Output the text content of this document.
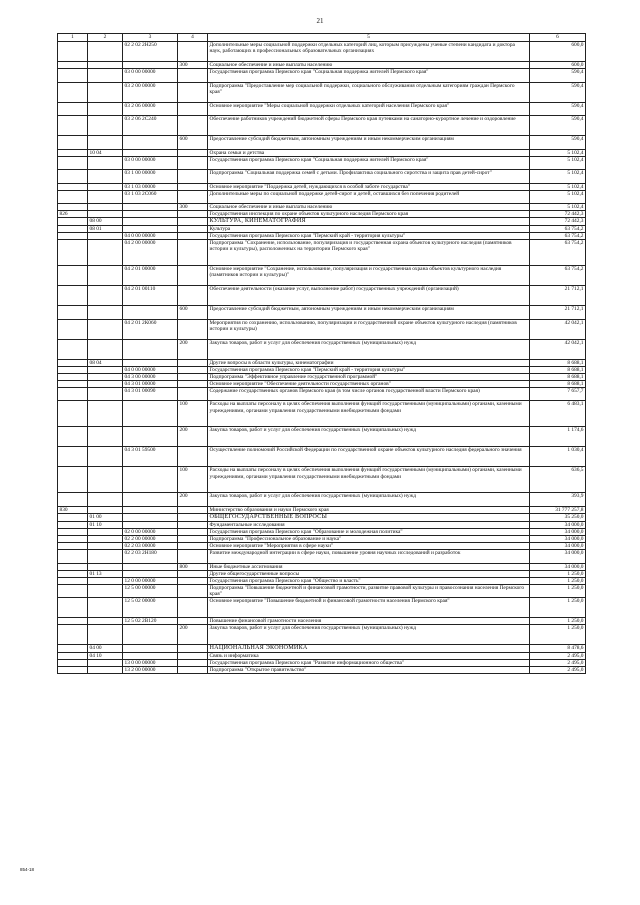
21
1	2	3	4	5	6
		02 2 02 2Н250		Дополнительные меры социальной поддержки отдельных категорий лиц, которым присуждены ученые степени кандидата и доктора наук, работающих в профессиональных образовательных организациях	600,0
			300	Социальное обеспечение и иные выплаты населению	600,0
		03 0 00 00000		Государственная программа Пермского края "Социальная поддержка жителей Пермского края"	590,4
		03 2 00 00000		Подпрограмма "Предоставление мер социальной поддержки, социального обслуживания отдельным категориям граждан Пермского края"	590,4
		03 2 06 00000		Основное мероприятие "Меры социальной поддержки отдельных категорий населения Пермского края"	590,4
		03 2 06 2С240		Обеспечение работников учреждений бюджетной сферы Пермского края путевками на санаторно-курортное лечение и оздоровление	590,4
			600	Предоставление субсидий бюджетным, автономным учреждениям и иным некоммерческим организациям	590,4
	10 04			Охрана семьи и детства	5 102,4
		03 0 00 00000		Государственная программа Пермского края "Социальная поддержка жителей Пермского края"	5 102,4
		03 1 00 00000		Подпрограмма "Социальная поддержка семей с детьми. Профилактика социального сиротства и защита прав детей-сирот"	5 102,4
		03 1 03 00000		Основное мероприятие "Поддержка детей, нуждающихся в особой заботе государства"	5 102,4
		03 1 03 2С060		Дополнительные меры по социальной поддержке детей-сирот и детей, оставшихся без попечения родителей	5 102,4
			300	Социальное обеспечение и иные выплаты населению	5 102,4
826				Государственная инспекция по охране объектов культурного наследия Пермского края	72 442,3
	08 00			КУЛЬТУРА, КИНЕМАТОГРАФИЯ	72 442,3
	08 01			Культура	63 754,2
		04 0 00 00000		Государственная программа Пермского края "Пермский край - территория культуры"	63 754,2
		04 2 00 00000		Подпрограмма "Сохранение, использование, популяризация и государственная охрана объектов культурного наследия (памятников истории и культуры), расположенных на территории Пермского края"	63 754,2
		04 2 01 00000		Основное мероприятие "Сохранение, использование, популяризация и государственная охрана объектов культурного наследия (памятников истории и культуры)"	63 754,2
		04 2 01 00110		Обеспечение деятельности (оказание услуг, выполнение работ) государственных учреждений (организаций)	21 712,1
			600	Предоставление субсидий бюджетным, автономным учреждениям и иным некоммерческим организациям	21 712,1
		04 2 01 2К060		Мероприятия по сохранению, использованию, популяризации и государственной охране объектов культурного наследия (памятников истории и культуры)	42 042,1
			200	Закупка товаров, работ и услуг для обеспечения государственных (муниципальных) нужд	42 042,1
	08 04			Другие вопросы в области культуры, кинематографии	8 688,1
		04 0 00 00000		Государственная программа Пермского края "Пермский край - территория культуры"	8 688,1
		04 3 00 00000		Подпрограмма "Эффективное управление государственной программой"	8 688,1
		04 3 01 00000		Основное мероприятие "Обеспечение деятельности государственных органов"	8 688,1
		04 3 01 00090		Содержание государственных органов Пермского края (в том числе органов государственной власти Пермского края)	7 657,7
			100	Расходы на выплаты персоналу в целях обеспечения выполнения функций государственными (муниципальными) органами, казенными учреждениями, органами управления государственными внебюджетными фондами	6 483,1
			200	Закупка товаров, работ и услуг для обеспечения государственных (муниципальных) нужд	1 174,6
		04 3 01 59500		Осуществление полномочий Российской Федерации по государственной охране объектов культурного наследия федерального значения	1 030,4
			100	Расходы на выплаты персоналу в целях обеспечения выполнения функций государственными (муниципальными) органами, казенными учреждениями, органами управления государственными внебюджетными фондами	636,5
			200	Закупка товаров, работ и услуг для обеспечения государственных (муниципальных) нужд	393,9
830				Министерство образования и науки Пермского края	31 777 257,8
	01 00			ОБЩЕГОСУДАРСТВЕННЫЕ ВОПРОСЫ	35 250,0
	01 10			Фундаментальные исследования	34 000,0
		02 0 00 00000		Государственная программа Пермского края "Образование и молодежная политика"	34 000,0
		02 2 00 00000		Подпрограмма "Профессиональное образование и наука"	34 000,0
		02 2 03 00000		Основное мероприятие "Мероприятия в сфере науки"	34 000,0
		02 2 03 2Н180		Развитие международной интеграции в сфере науки, повышение уровня научных исследований и разработок	34 000,0
			800	Иные бюджетные ассигнования	34 000,0
	01 13			Другие общегосударственные вопросы	1 250,0
		12 0 00 00000		Государственная программа Пермского края "Общество и власть"	1 250,0
		12 5 00 00000		Подпрограмма "Повышение бюджетной и финансовой грамотности, развитие правовой культуры и правосознания населения Пермского края"	1 250,0
		12 5 02 00000		Основное мероприятие "Повышение бюджетной и финансовой грамотности населения Пермского края"	1 250,0
		12 5 02 2В120		Повышение финансовой грамотности населения	1 250,0
			200	Закупка товаров, работ и услуг для обеспечения государственных (муниципальных) нужд	1 250,0
	04 00			НАЦИОНАЛЬНАЯ ЭКОНОМИКА	8 478,6
	04 10			Связь и информатика	2 495,0
		13 0 00 00000		Государственная программа Пермского края "Развитие информационного общества"	2 495,0
		13 2 00 00000		Подпрограмма "Открытое правительство"	2 495,0
854-18
